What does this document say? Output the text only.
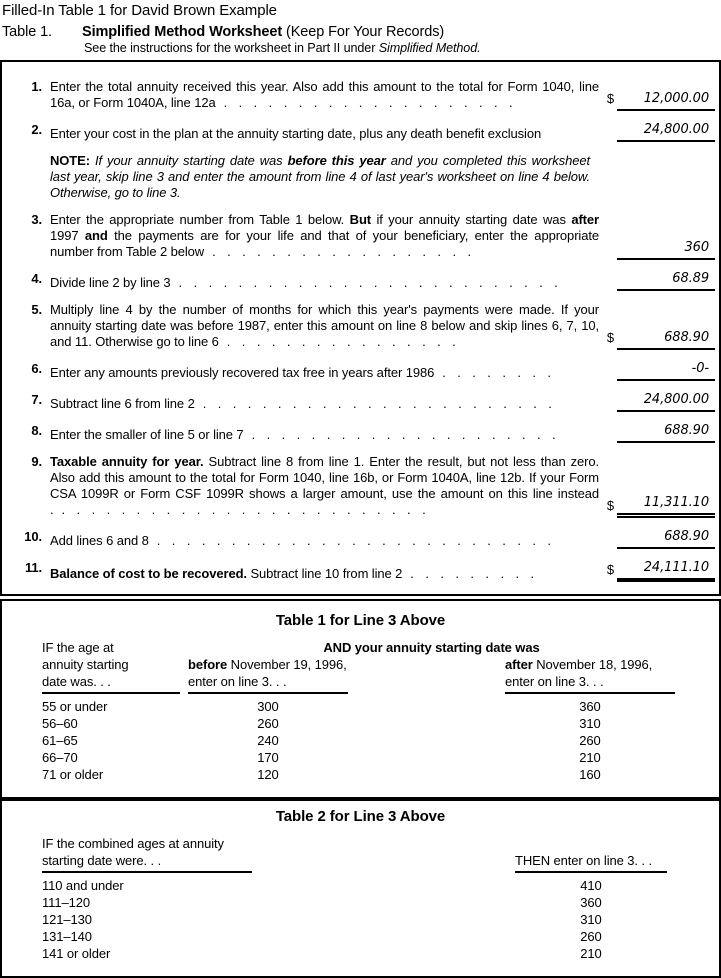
Filled-In Table 1 for David Brown Example
Table 1. Simplified Method Worksheet (Keep For Your Records)
See the instructions for the worksheet in Part II under Simplified Method.
1. Enter the total annuity received this year. Also add this amount to the total for Form 1040, line 16a, or Form 1040A, line 12a . . . . . . . . . . . . . . . . . . . .	$	12,000.00
2. Enter your cost in the plan at the annuity starting date, plus any death benefit exclusion	24,800.00
NOTE: If your annuity starting date was before this year and you completed this worksheet last year, skip line 3 and enter the amount from line 4 of last year's worksheet on line 4 below. Otherwise, go to line 3.
3. Enter the appropriate number from Table 1 below. But if your annuity starting date was after 1997 and the payments are for your life and that of your beneficiary, enter the appropriate number from Table 2 below . . . . . . . . . . . . . . . . . .	360
4. Divide line 2 by line 3 . . . . . . . . . . . . . . . . . . . . . . . . . .	68.89
5. Multiply line 4 by the number of months for which this year's payments were made. If your annuity starting date was before 1987, enter this amount on line 8 below and skip lines 6, 7, 10, and 11. Otherwise go to line 6 . . . . . . . . . . . . . . . .	$	688.90
6. Enter any amounts previously recovered tax free in years after 1986 . . . . . . . .	-0-
7. Subtract line 6 from line 2 . . . . . . . . . . . . . . . . . . . . . . . .	24,800.00
8. Enter the smaller of line 5 or line 7 . . . . . . . . . . . . . . . . . . . . .	688.90
9. Taxable annuity for year. Subtract line 8 from line 1. Enter the result, but not less than zero. Also add this amount to the total for Form 1040, line 16b, or Form 1040A, line 12b. If your Form CSA 1099R or Form CSF 1099R shows a larger amount, use the amount on this line instead . . . . . . . . . . . . . . . . . . . . . . . . . .	$	11,311.10
10. Add lines 6 and 8 . . . . . . . . . . . . . . . . . . . . . . . . . . .	688.90
11. Balance of cost to be recovered. Subtract line 10 from line 2 . . . . . . . . .	$	24,111.10
Table 1 for Line 3 Above
IF the age at
annuity starting
date was. . .
AND your annuity starting date was
before November 19, 1996,
enter on line 3. . .
after November 18, 1996,
enter on line 3. . .
55 or under	300	360
56–60	260	310
61–65	240	260
66–70	170	210
71 or older	120	160
Table 2 for Line 3 Above
IF the combined ages at annuity
starting date were. . .	THEN enter on line 3. . .
110 and under	410
111–120	360
121–130	310
131–140	260
141 or older	210
